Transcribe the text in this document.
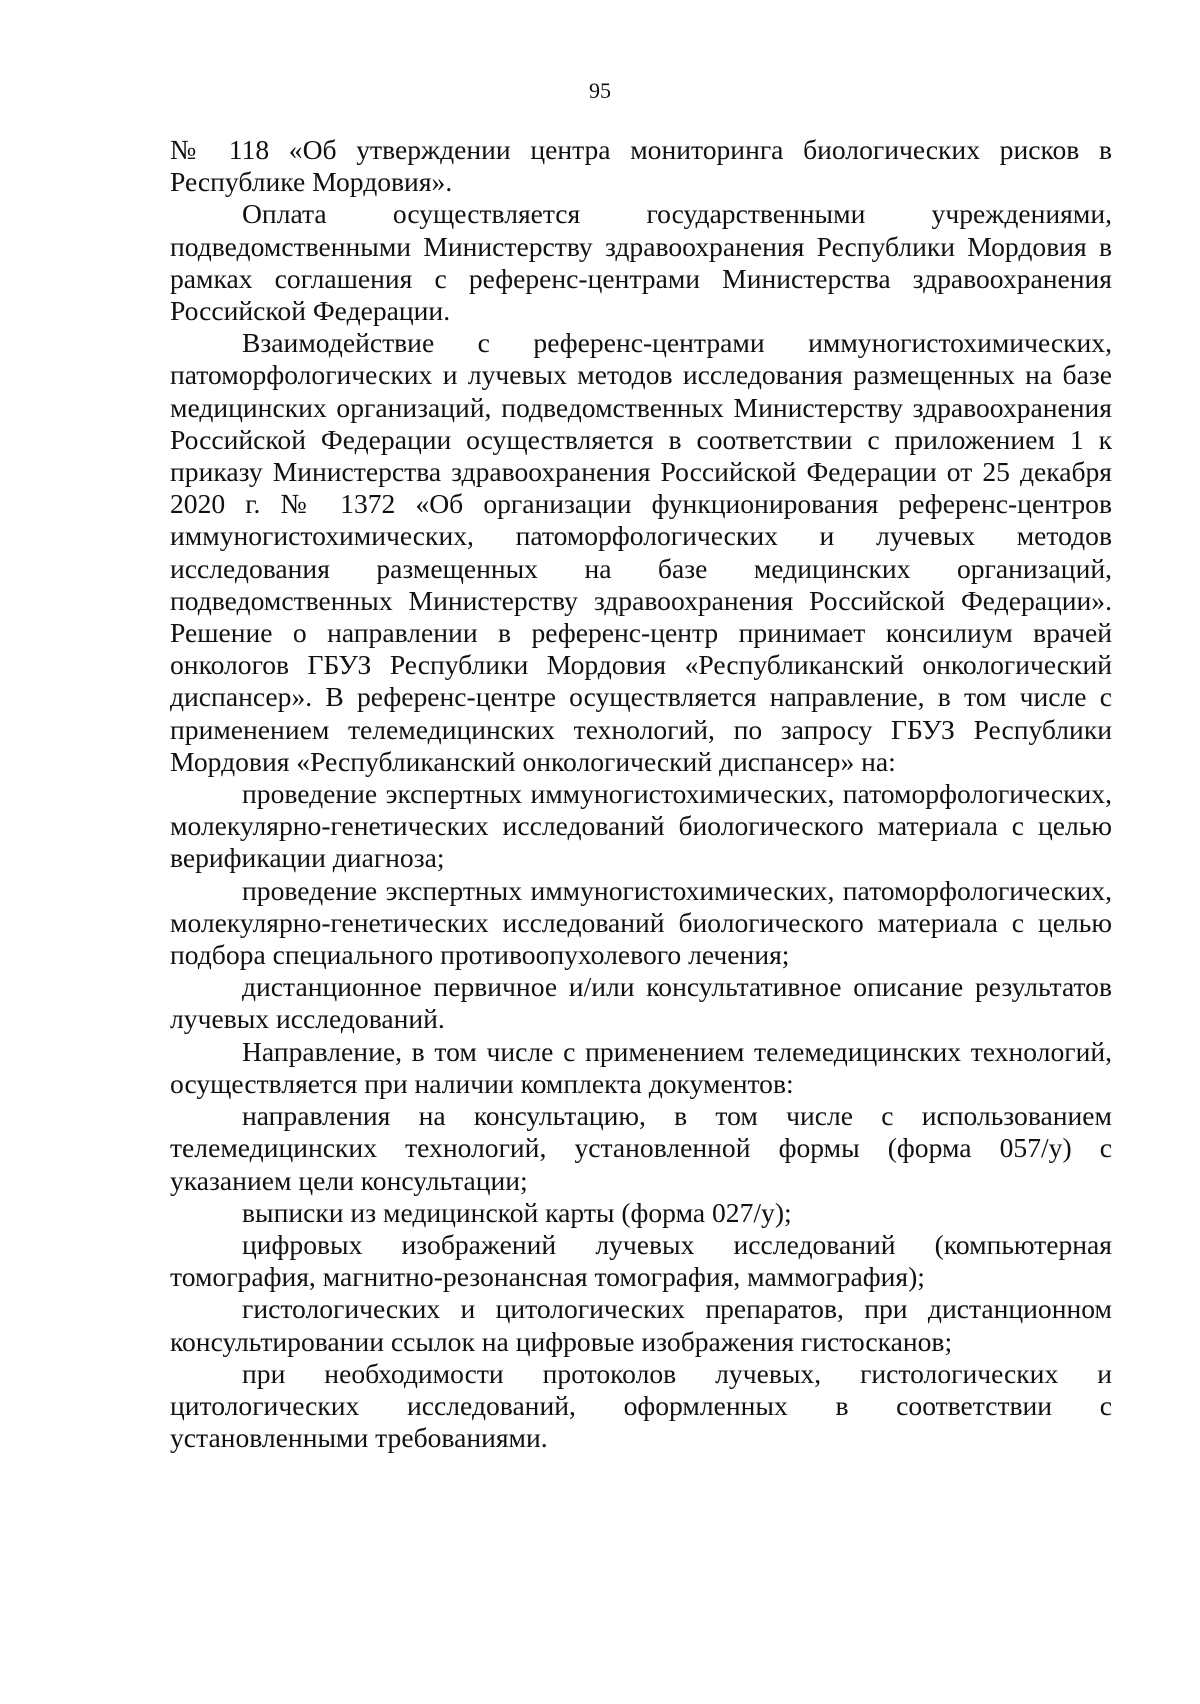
95

№ 118 «Об утверждении центра мониторинга биологических рисков в Республике Мордовия».

Оплата осуществляется государственными учреждениями, подведомственными Министерству здравоохранения Республики Мордовия в рамках соглашения с референс-центрами Министерства здравоохранения Российской Федерации.

Взаимодействие с референс-центрами иммуногистохимических, патоморфологических и лучевых методов исследования размещенных на базе медицинских организаций, подведомственных Министерству здравоохранения Российской Федерации осуществляется в соответствии с приложением 1 к приказу Министерства здравоохранения Российской Федерации от 25 декабря 2020 г. № 1372 «Об организации функционирования референс-центров иммуногистохимических, патоморфологических и лучевых методов исследования размещенных на базе медицинских организаций, подведомственных Министерству здравоохранения Российской Федерации». Решение о направлении в референс-центр принимает консилиум врачей онкологов ГБУЗ Республики Мордовия «Республиканский онкологический диспансер». В референс-центре осуществляется направление, в том числе с применением телемедицинских технологий, по запросу ГБУЗ Республики Мордовия «Республиканский онкологический диспансер» на:

проведение экспертных иммуногистохимических, патоморфологических, молекулярно-генетических исследований биологического материала с целью верификации диагноза;

проведение экспертных иммуногистохимических, патоморфологических, молекулярно-генетических исследований биологического материала с целью подбора специального противоопухолевого лечения;

дистанционное первичное и/или консультативное описание результатов лучевых исследований.

Направление, в том числе с применением телемедицинских технологий, осуществляется при наличии комплекта документов:

направления на консультацию, в том числе с использованием телемедицинских технологий, установленной формы (форма 057/у) с указанием цели консультации;

выписки из медицинской карты (форма 027/у);

цифровых изображений лучевых исследований (компьютерная томография, магнитно-резонансная томография, маммография);

гистологических и цитологических препаратов, при дистанционном консультировании ссылок на цифровые изображения гистосканов;

при необходимости протоколов лучевых, гистологических и цитологических исследований, оформленных в соответствии с установленными требованиями.
